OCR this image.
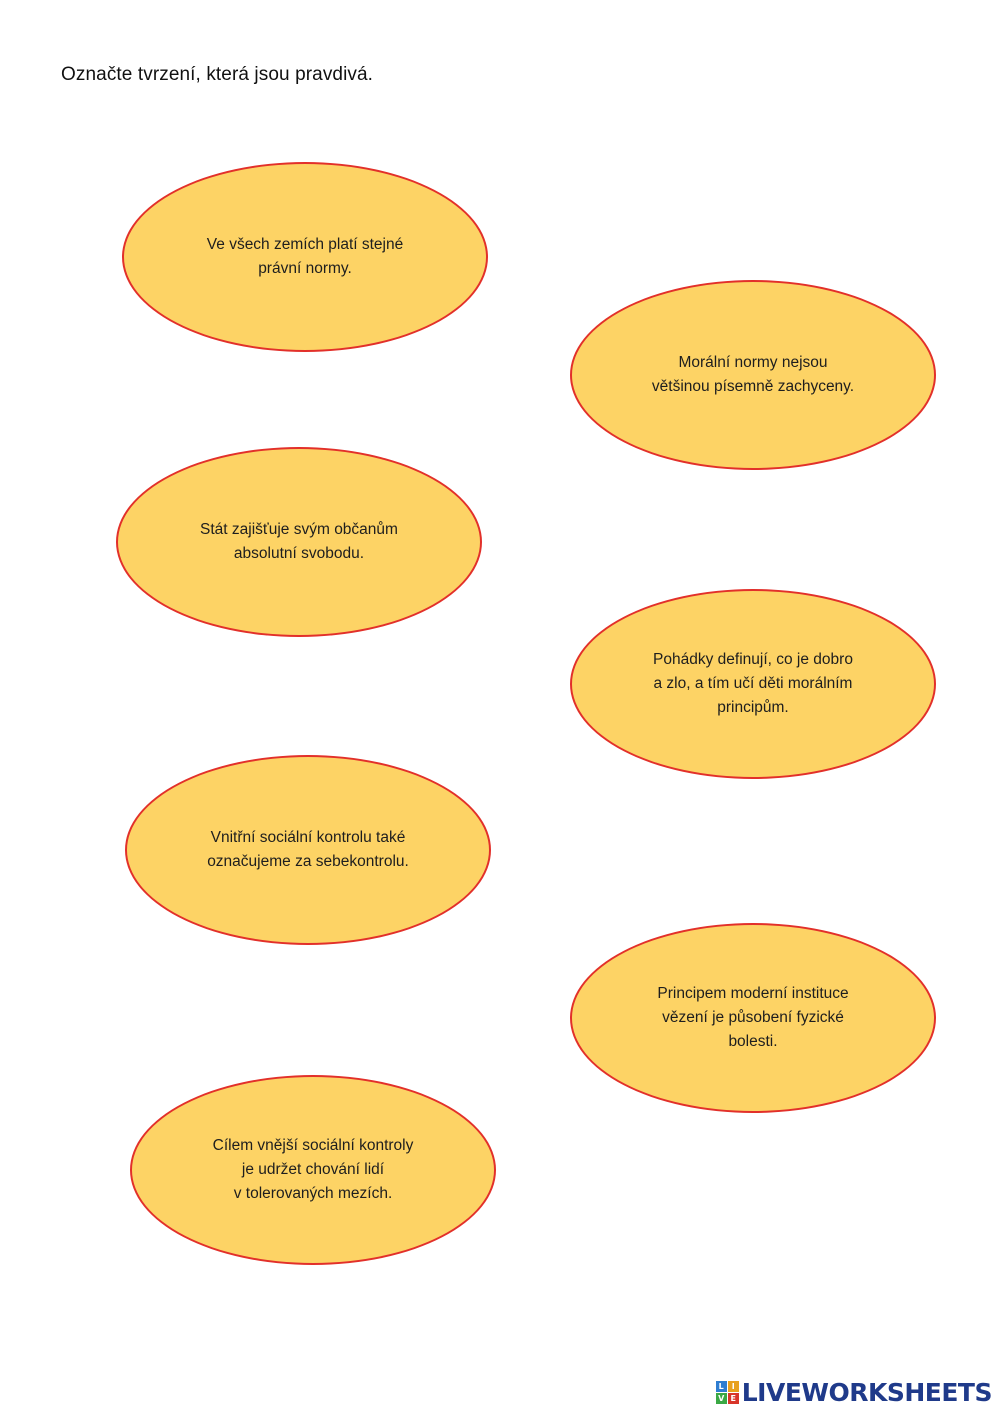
Označte tvrzení, která jsou pravdivá.
Ve všech zemích platí stejné
právní normy.
Morální normy nejsou
většinou písemně zachyceny.
Stát zajišťuje svým občanům
absolutní svobodu.
Pohádky definují, co je dobro
a zlo, a tím učí děti morálním
principům.
Vnitřní sociální kontrolu také
označujeme za sebekontrolu.
Principem moderní instituce
vězení je působení fyzické
bolesti.
Cílem vnější sociální kontroly
je udržet chování lidí
v tolerovaných mezích.
L I
V E LIVEWORKSHEETS
